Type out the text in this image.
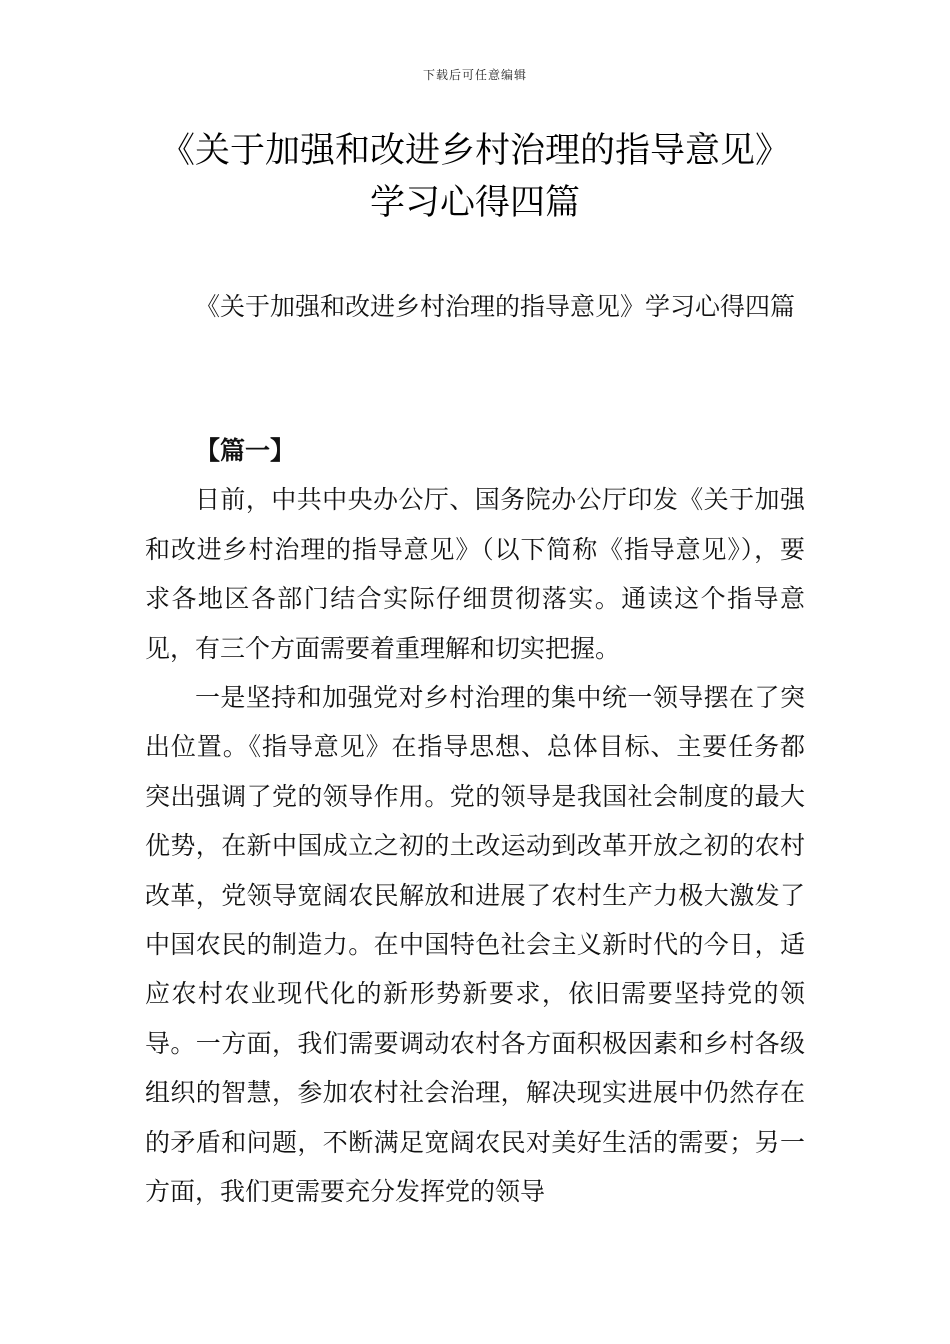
下载后可任意编辑
《关于加强和改进乡村治理的指导意见》
学习心得四篇

《关于加强和改进乡村治理的指导意见》学习心得四篇

【篇一】

日前，中共中央办公厅、国务院办公厅印发《关于加强和改进乡村治理的指导意见》（以下简称《指导意见》），要求各地区各部门结合实际仔细贯彻落实。通读这个指导意见，有三个方面需要着重理解和切实把握。

一是坚持和加强党对乡村治理的集中统一领导摆在了突出位置。《指导意见》在指导思想、总体目标、主要任务都突出强调了党的领导作用。党的领导是我国社会制度的最大优势，在新中国成立之初的土改运动到改革开放之初的农村改革，党领导宽阔农民解放和进展了农村生产力极大激发了中国农民的制造力。在中国特色社会主义新时代的今日，适应农村农业现代化的新形势新要求，依旧需要坚持党的领导。一方面，我们需要调动农村各方面积极因素和乡村各级组织的智慧，参加农村社会治理，解决现实进展中仍然存在的矛盾和问题，不断满足宽阔农民对美好生活的需要；另一方面，我们更需要充分发挥党的领导
